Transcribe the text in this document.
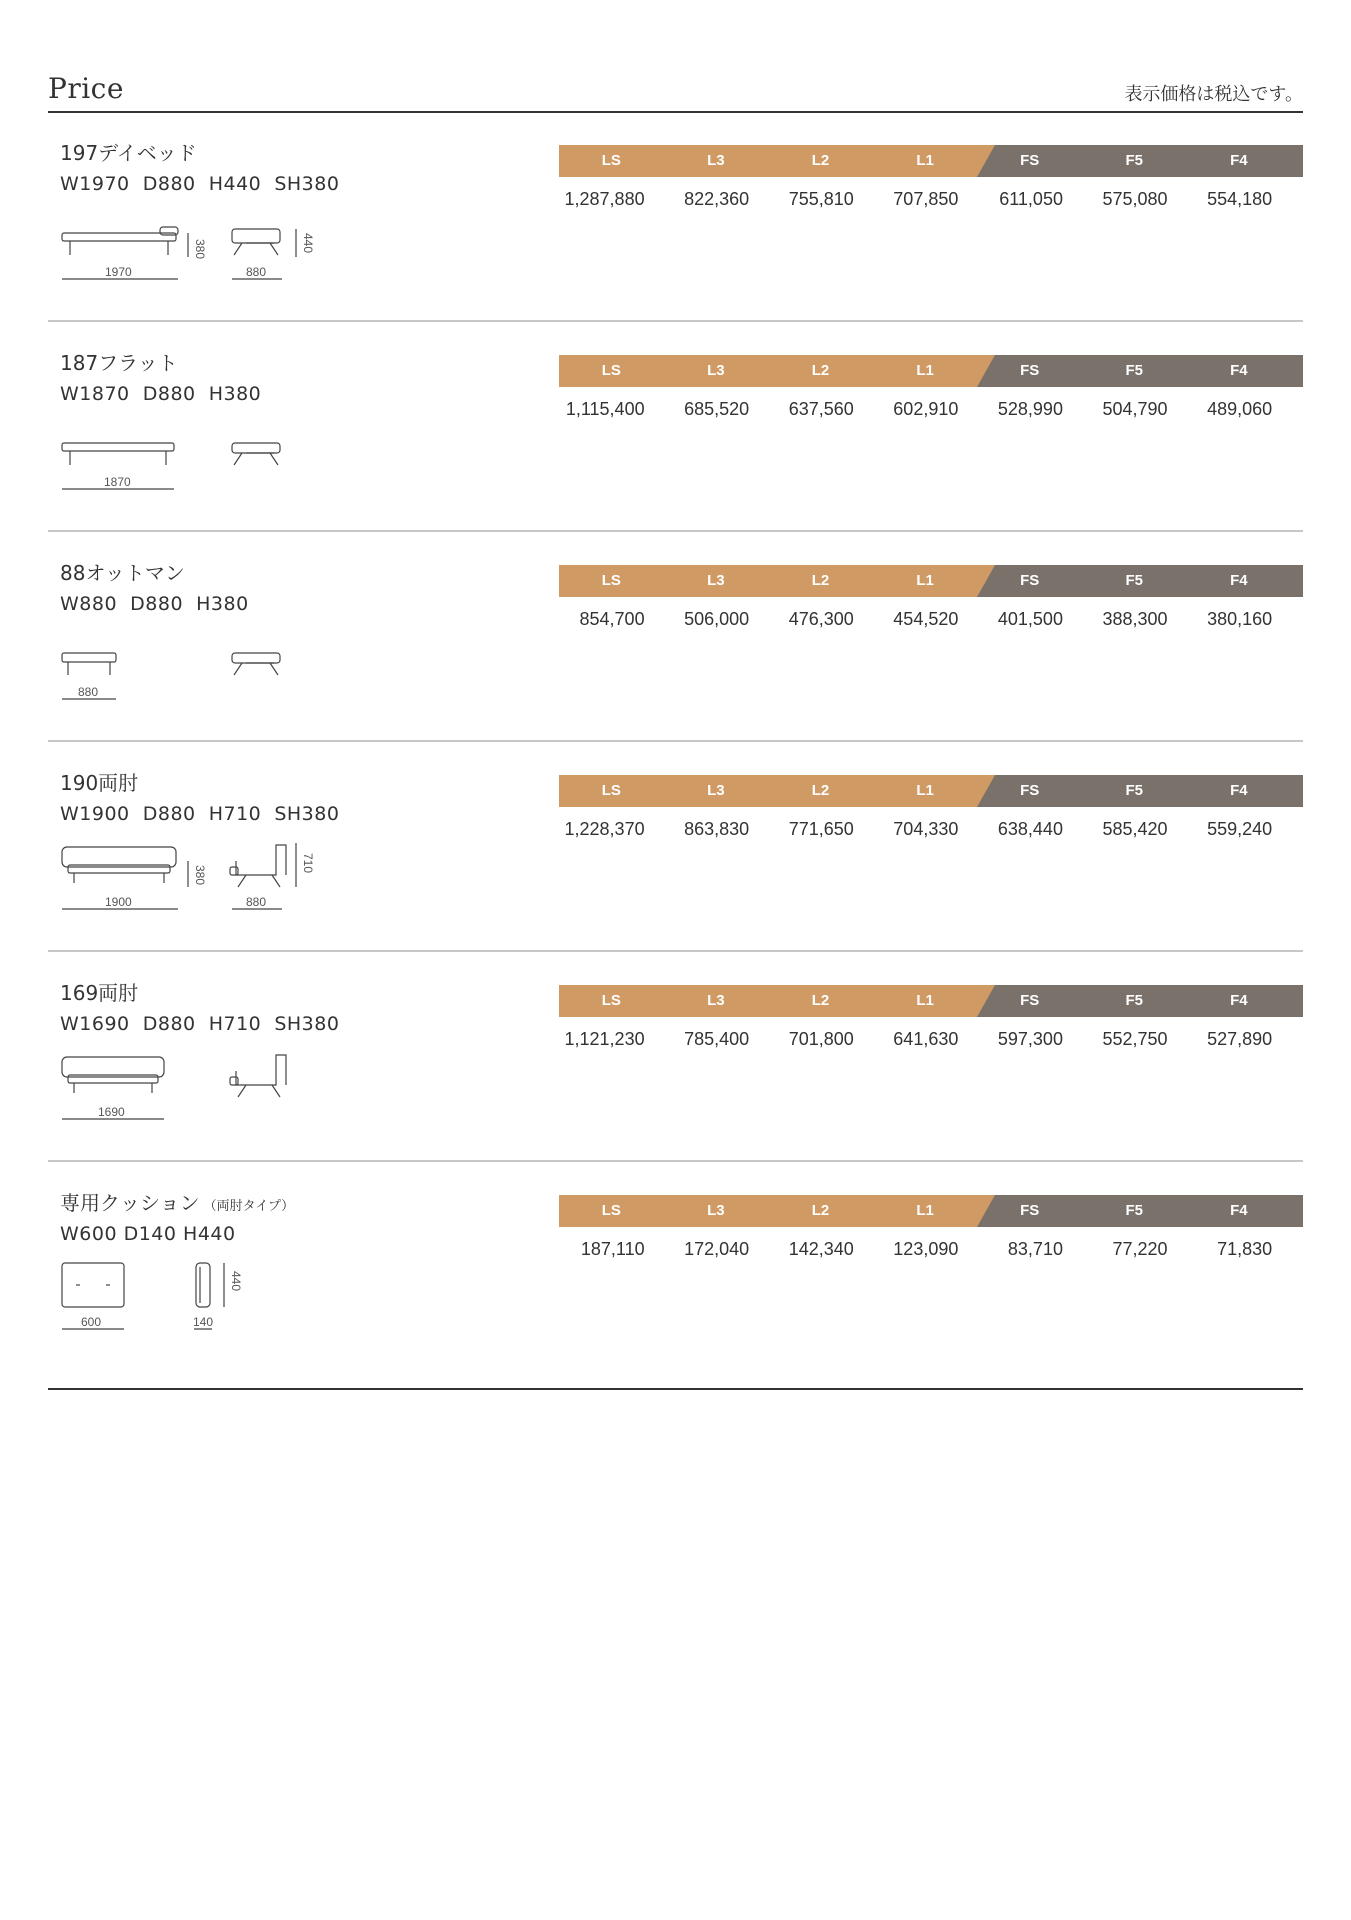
Price	表示価格は税込です。
197デイベッド
W1970  D880  H440  SH380
1970
380
880
440
LS	L3	L2	L1	FS	F5	F4
1,287,880	822,360	755,810	707,850	611,050	575,080	554,180
187フラット
W1870  D880  H380
1870
LS	L3	L2	L1	FS	F5	F4
1,115,400	685,520	637,560	602,910	528,990	504,790	489,060
88オットマン
W880  D880  H380
880
LS	L3	L2	L1	FS	F5	F4
854,700	506,000	476,300	454,520	401,500	388,300	380,160
190両肘
W1900  D880  H710  SH380
1900
380
880
710
LS	L3	L2	L1	FS	F5	F4
1,228,370	863,830	771,650	704,330	638,440	585,420	559,240
169両肘
W1690  D880  H710  SH380
1690
LS	L3	L2	L1	FS	F5	F4
1,121,230	785,400	701,800	641,630	597,300	552,750	527,890
専用クッション （両肘タイプ）
W600 D140 H440
600	140
440
LS	L3	L2	L1	FS	F5	F4
187,110	172,040	142,340	123,090	83,710	77,220	71,830
